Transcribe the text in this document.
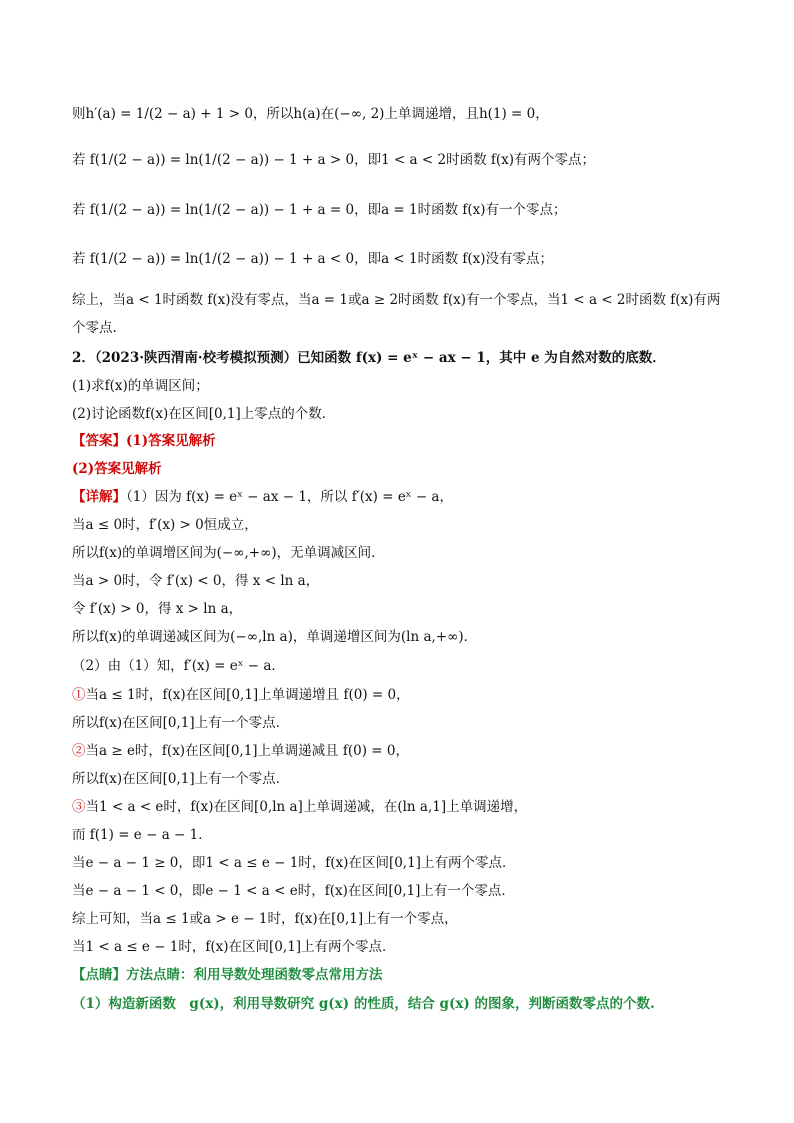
则h′(a) = 1/(2 − a) + 1 > 0，所以h(a)在(−∞, 2)上单调递增，且h(1) = 0，
若 f(1/(2 − a)) = ln(1/(2 − a)) − 1 + a > 0，即1 < a < 2时函数 f(x)有两个零点；
若 f(1/(2 − a)) = ln(1/(2 − a)) − 1 + a = 0，即a = 1时函数 f(x)有一个零点；
若 f(1/(2 − a)) = ln(1/(2 − a)) − 1 + a < 0，即a < 1时函数 f(x)没有零点；
综上，当a < 1时函数 f(x)没有零点，当a = 1或a ≥ 2时函数 f(x)有一个零点，当1 < a < 2时函数 f(x)有两
个零点.
2．（2023·陕西渭南·校考模拟预测）已知函数 f(x) = eˣ − ax − 1，其中 e 为自然对数的底数．
(1)求f(x)的单调区间；
(2)讨论函数f(x)在区间[0,1]上零点的个数．
【答案】(1)答案见解析
(2)答案见解析
【详解】（1）因为 f(x) = eˣ − ax − 1，所以 f′(x) = eˣ − a，
当a ≤ 0时，f′(x) > 0恒成立，
所以f(x)的单调增区间为(−∞,+∞)，无单调减区间．
当a > 0时，令 f′(x) < 0，得 x < ln a，
令 f′(x) > 0，得 x > ln a，
所以f(x)的单调递减区间为(−∞,ln a)，单调递增区间为(ln a,+∞)．
（2）由（1）知，f′(x) = eˣ − a．
①当a ≤ 1时，f(x)在区间[0,1]上单调递增且 f(0) = 0，
所以f(x)在区间[0,1]上有一个零点．
②当a ≥ e时，f(x)在区间[0,1]上单调递减且 f(0) = 0，
所以f(x)在区间[0,1]上有一个零点．
③当1 < a < e时，f(x)在区间[0,ln a]上单调递减，在(ln a,1]上单调递增，
而 f(1) = e − a − 1．
当e − a − 1 ≥ 0，即1 < a ≤ e − 1时，f(x)在区间[0,1]上有两个零点．
当e − a − 1 < 0，即e − 1 < a < e时，f(x)在区间[0,1]上有一个零点．
综上可知，当a ≤ 1或a > e − 1时，f(x)在[0,1]上有一个零点，
当1 < a ≤ e − 1时，f(x)在区间[0,1]上有两个零点．
【点睛】方法点睛：利用导数处理函数零点常用方法
（1）构造新函数　g(x)，利用导数研究 g(x) 的性质，结合 g(x) 的图象，判断函数零点的个数.
